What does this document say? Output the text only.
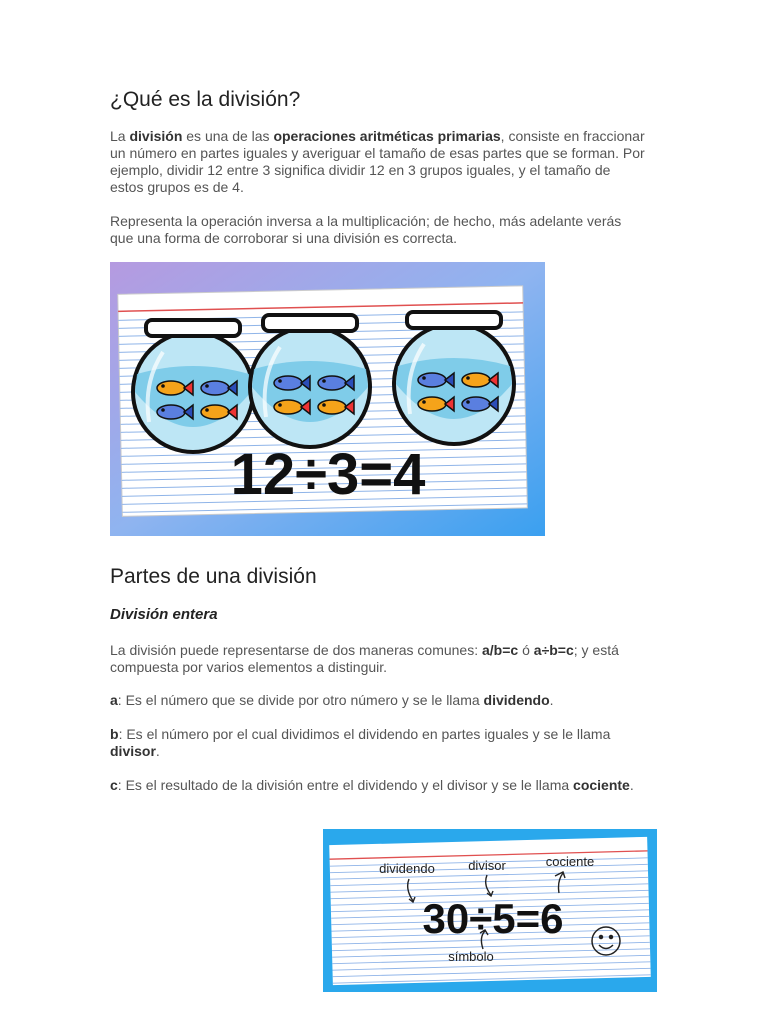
¿Qué es la división?

La división es una de las operaciones aritméticas primarias, consiste en fraccionar un número en partes iguales y averiguar el tamaño de esas partes que se forman. Por ejemplo, dividir 12 entre 3 significa dividir 12 en 3 grupos iguales, y el tamaño de estos grupos es de 4.

Representa la operación inversa a la multiplicación; de hecho, más adelante verás que una forma de corroborar si una división es correcta.

12÷3=4
Partes de una división
División entera

La división puede representarse de dos maneras comunes: a/b=c ó a÷b=c; y está compuesta por varios elementos a distinguir.

a: Es el número que se divide por otro número y se le llama dividendo.

b: Es el número por el cual dividimos el dividendo en partes iguales y se le llama divisor.

c: Es el resultado de la división entre el dividendo y el divisor y se le llama cociente.

dividendo	divisor	cociente
30÷5=6
símbolo
